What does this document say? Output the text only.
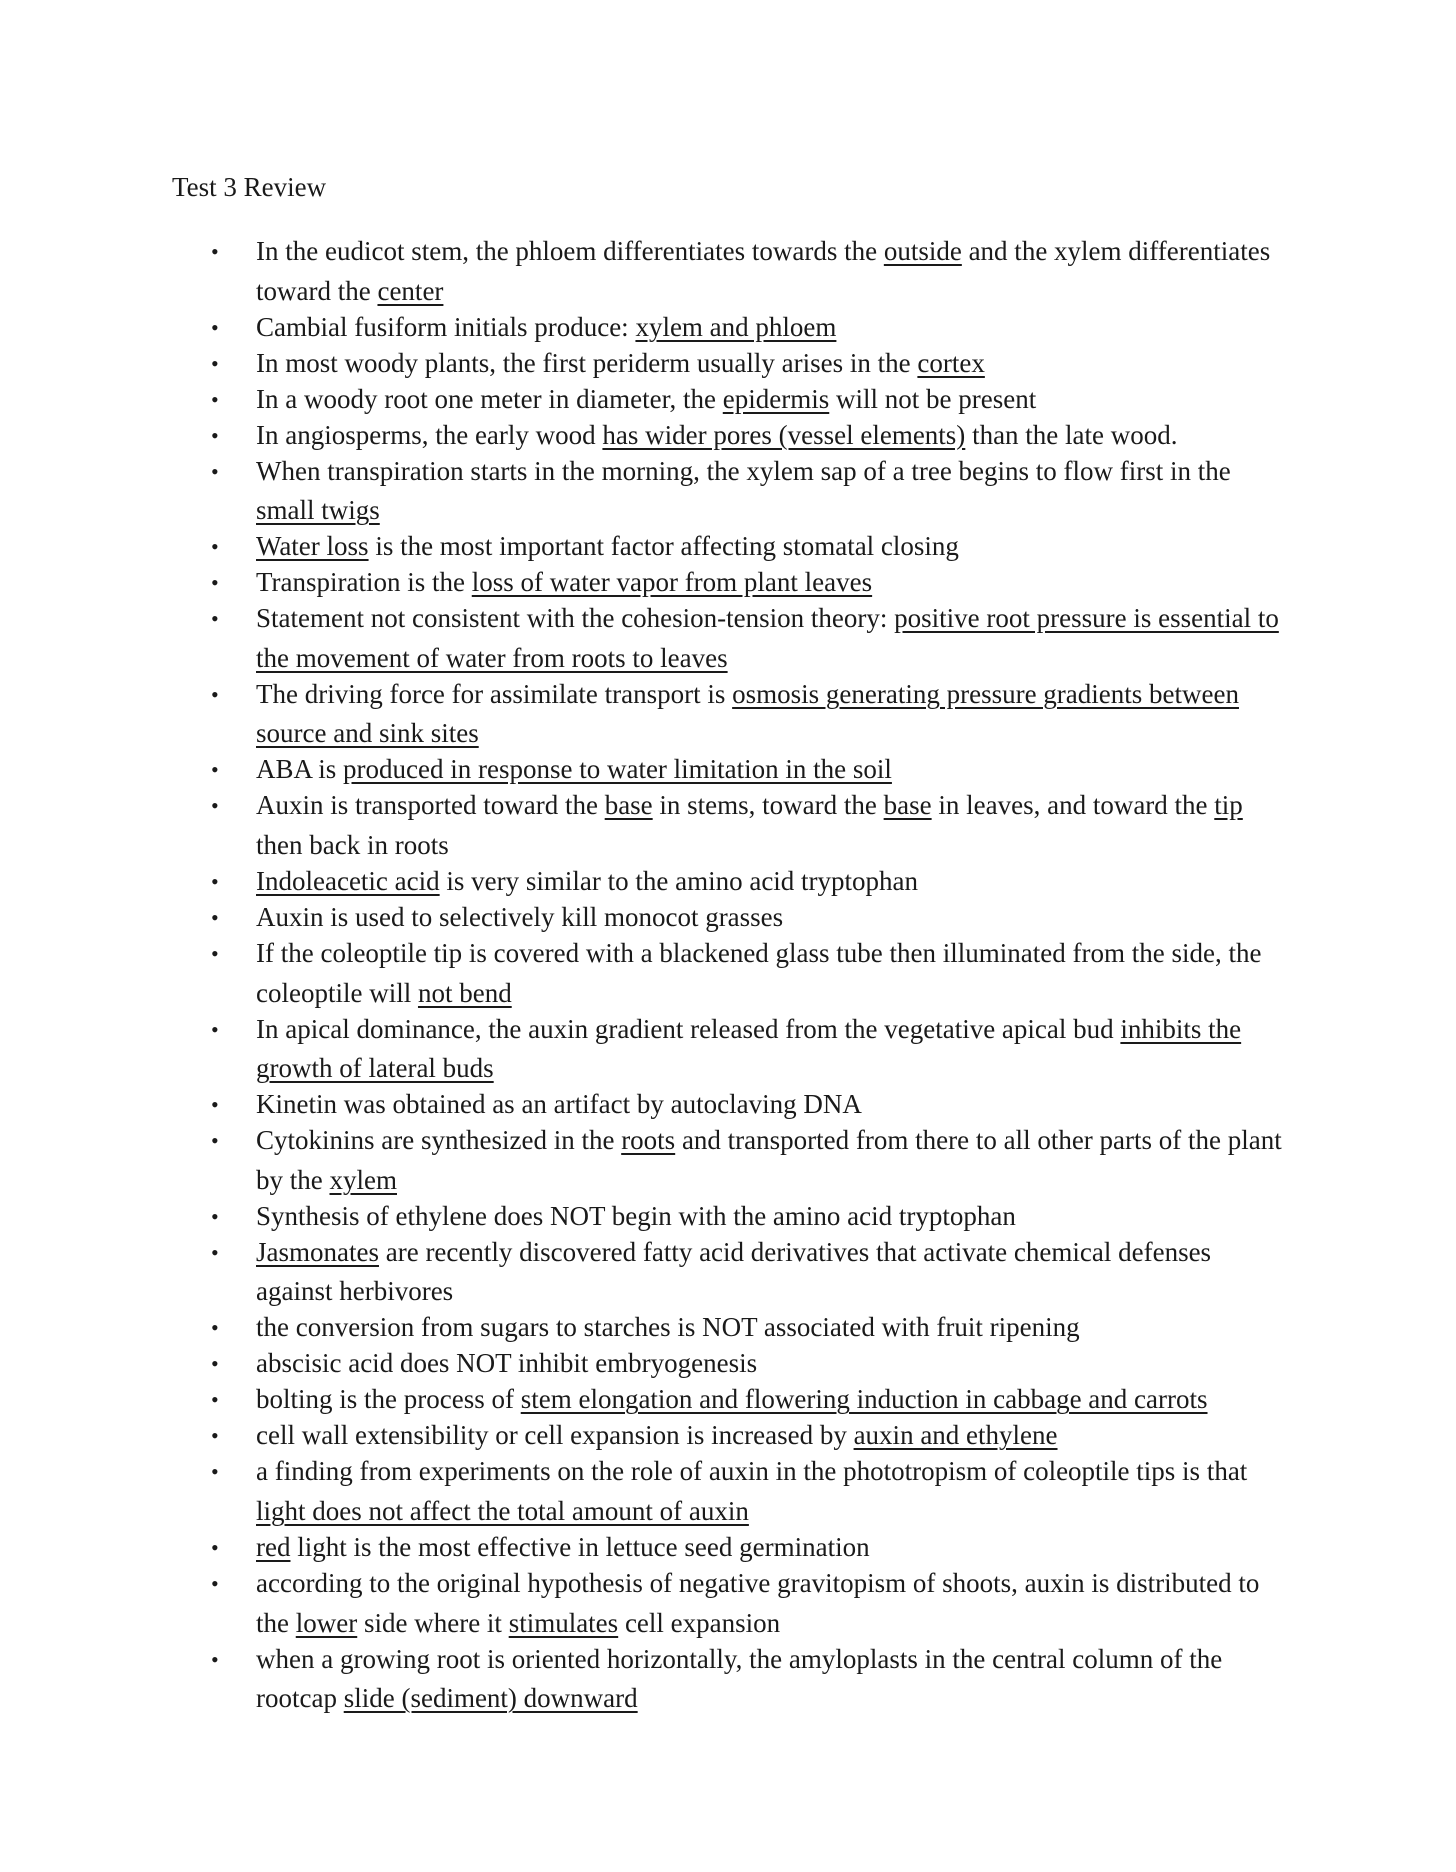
Test 3 Review
• In the eudicot stem, the phloem differentiates towards the outside and the xylem differentiates toward the center
• Cambial fusiform initials produce: xylem and phloem
• In most woody plants, the first periderm usually arises in the cortex
• In a woody root one meter in diameter, the epidermis will not be present
• In angiosperms, the early wood has wider pores (vessel elements) than the late wood.
• When transpiration starts in the morning, the xylem sap of a tree begins to flow first in the small twigs
• Water loss is the most important factor affecting stomatal closing
• Transpiration is the loss of water vapor from plant leaves
• Statement not consistent with the cohesion-tension theory: positive root pressure is essential to the movement of water from roots to leaves
• The driving force for assimilate transport is osmosis generating pressure gradients between source and sink sites
• ABA is produced in response to water limitation in the soil
• Auxin is transported toward the base in stems, toward the base in leaves, and toward the tip then back in roots
• Indoleacetic acid is very similar to the amino acid tryptophan
• Auxin is used to selectively kill monocot grasses
• If the coleoptile tip is covered with a blackened glass tube then illuminated from the side, the coleoptile will not bend
• In apical dominance, the auxin gradient released from the vegetative apical bud inhibits the growth of lateral buds
• Kinetin was obtained as an artifact by autoclaving DNA
• Cytokinins are synthesized in the roots and transported from there to all other parts of the plant by the xylem
• Synthesis of ethylene does NOT begin with the amino acid tryptophan
• Jasmonates are recently discovered fatty acid derivatives that activate chemical defenses against herbivores
• the conversion from sugars to starches is NOT associated with fruit ripening
• abscisic acid does NOT inhibit embryogenesis
• bolting is the process of stem elongation and flowering induction in cabbage and carrots
• cell wall extensibility or cell expansion is increased by auxin and ethylene
• a finding from experiments on the role of auxin in the phototropism of coleoptile tips is that light does not affect the total amount of auxin
• red light is the most effective in lettuce seed germination
• according to the original hypothesis of negative gravitopism of shoots, auxin is distributed to the lower side where it stimulates cell expansion
• when a growing root is oriented horizontally, the amyloplasts in the central column of the rootcap slide (sediment) downward
